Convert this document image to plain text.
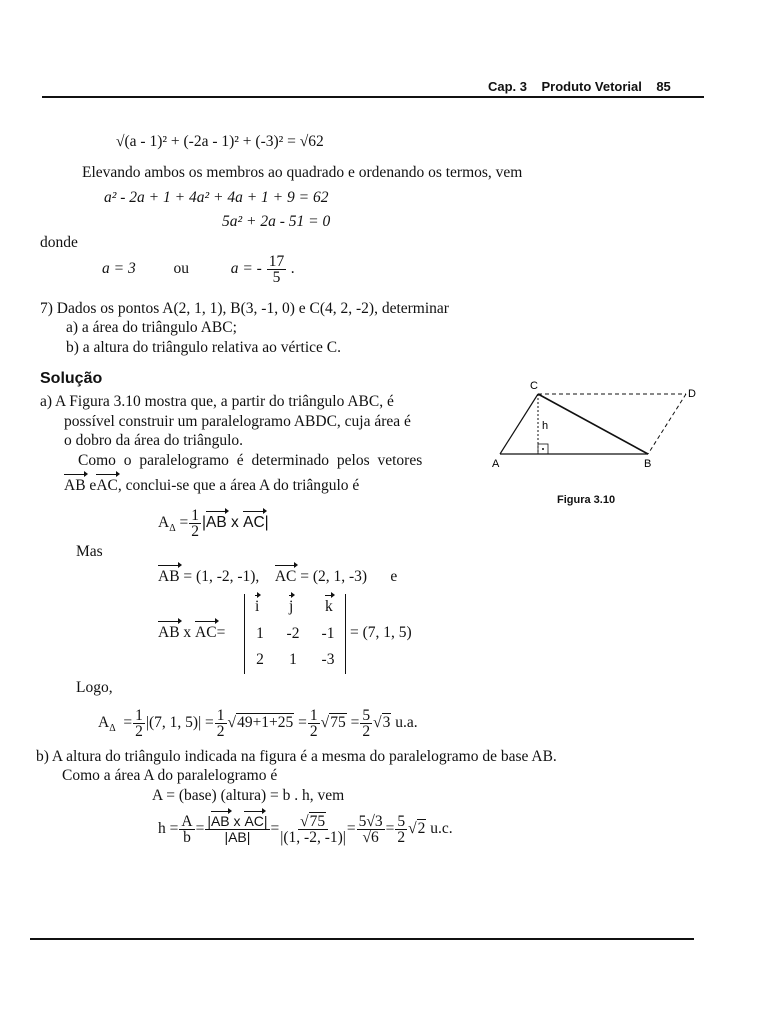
Cap. 3 Produto Vetorial 85
√(a - 1)² + (-2a - 1)² + (-3)² = √62
Elevando ambos os membros ao quadrado e ordenando os termos, vem
a² - 2a + 1 + 4a² + 4a + 1 + 9 = 62
5a² + 2a - 51 = 0
donde
a = 3 ou	a = - $\frac{17}{5}$ .
7) Dados os pontos A(2, 1, 1), B(3, -1, 0) e C(4, 2, -2), determinar
a) a área do triângulo ABC;
b) a altura do triângulo relativa ao vértice C.
Solução
a) A Figura 3.10 mostra que, a partir do triângulo ABC, é
possível construir um paralelogramo ABDC, cuja área é
o dobro da área do triângulo.
Como o paralelogramo é determinado pelos vetores
AB eAC, conclui-se que a área A do triângulo é
C
D
A	B
h
Figura 3.10
$A_\Delta = \frac{1}{2} |AB$ x AC|
Mas
AB = (1, -2, -1), AC = (2, 1, -3) e
AB x AC=
i j k
1	-2	-1
2	1	-3
= (7, 1, 5)
Logo,
$A_\Delta = \frac{1}{2} |(7$, 1, $5)| = \frac{1}{2} √49+1+25 = \frac{1}{2} √75 = \frac{5}{2} √3$ u.a.
b) A altura do triângulo indicada na figura é a mesma do paralelogramo de base AB.
Como a área A do paralelogramo é
A = (base) (altura) = b . h, vem
$h = \frac{A}{b} = \frac{\text{|AB x AC|}}{|AB|} = \frac{√75}{|(1, -2, -1)|} = \frac{5√3}{√6} = \frac{5}{2} √2$ u.c.
